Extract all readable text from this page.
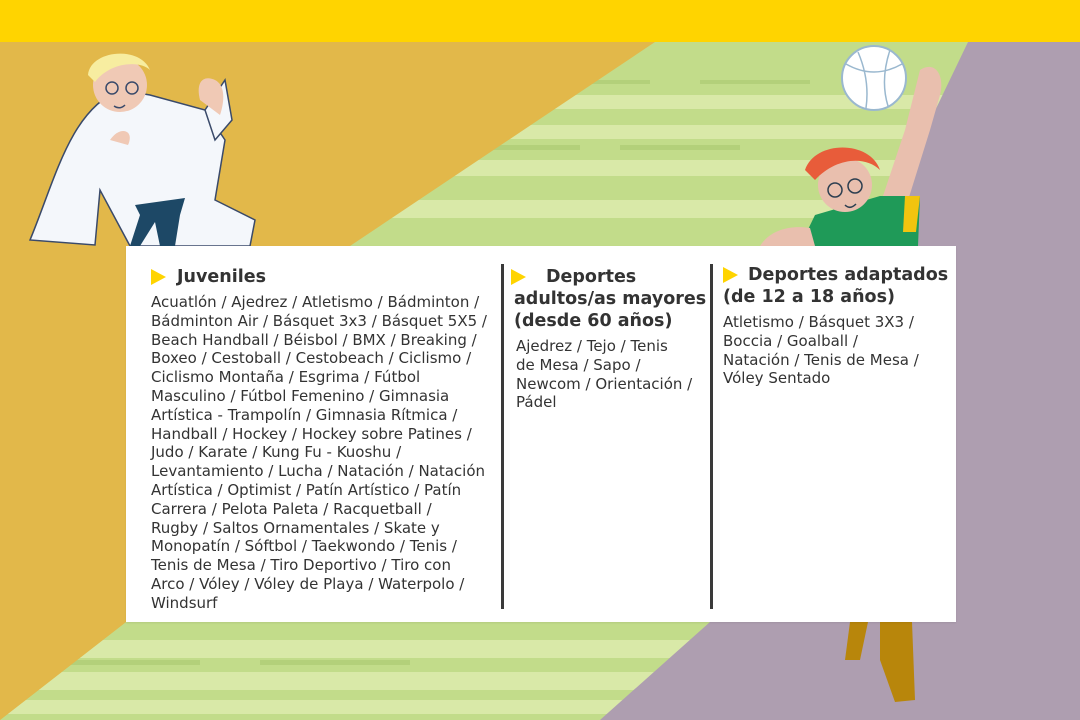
Juveniles
Acuatlón / Ajedrez / Atletismo / Bádminton /
Bádminton Air / Básquet 3x3 / Básquet 5X5 /
Beach Handball / Béisbol / BMX / Breaking /
Boxeo / Cestoball / Cestobeach / Ciclismo /
Ciclismo Montaña / Esgrima / Fútbol
Masculino / Fútbol Femenino / Gimnasia
Artística - Trampolín / Gimnasia Rítmica /
Handball / Hockey / Hockey sobre Patines /
Judo / Karate / Kung Fu - Kuoshu /
Levantamiento / Lucha / Natación / Natación
Artística / Optimist / Patín Artístico / Patín
Carrera / Pelota Paleta / Racquetball /
Rugby / Saltos Ornamentales / Skate y
Monopatín / Sóftbol / Taekwondo / Tenis /
Tenis de Mesa / Tiro Deportivo / Tiro con
Arco / Vóley / Vóley de Playa / Waterpolo /
Windsurf
Deportes
adultos/as mayores
(desde 60 años)
Ajedrez / Tejo / Tenis
de Mesa / Sapo /
Newcom / Orientación /
Pádel
Deportes adaptados
(de 12 a 18 años)
Atletismo / Básquet 3X3 /
Boccia / Goalball /
Natación / Tenis de Mesa /
Vóley Sentado
